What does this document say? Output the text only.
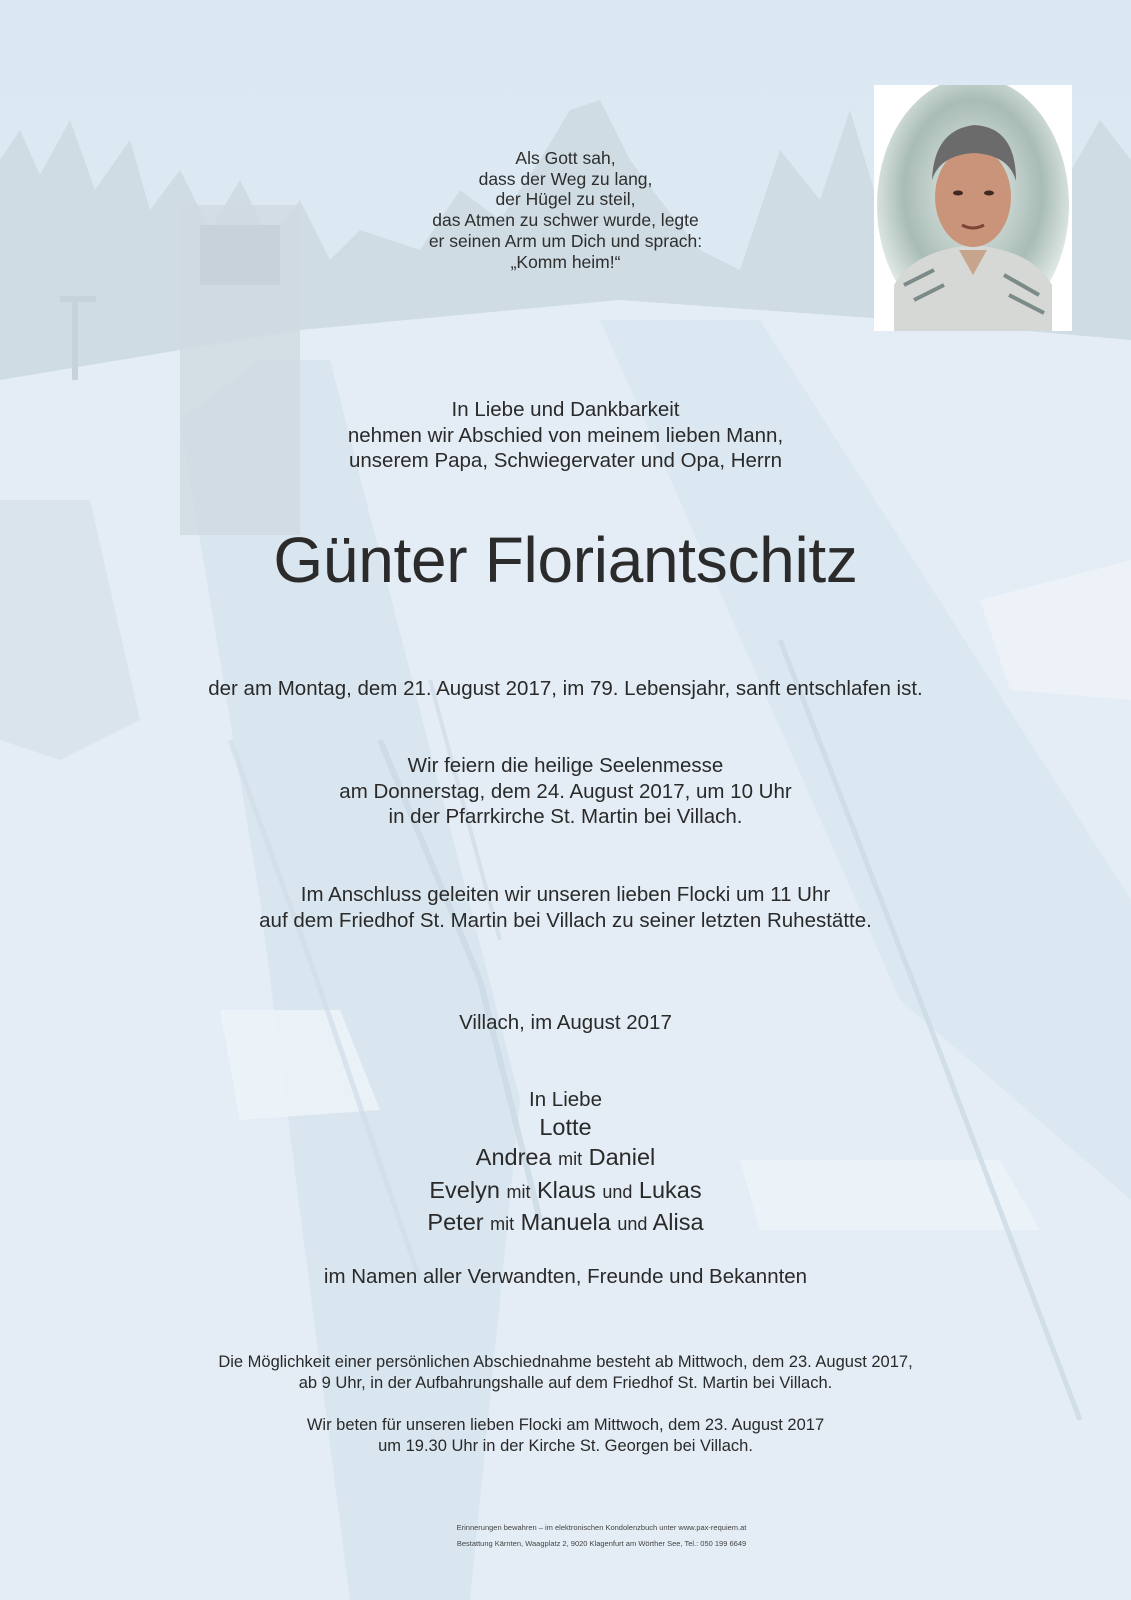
Als Gott sah,
dass der Weg zu lang,
der Hügel zu steil,
das Atmen zu schwer wurde, legte
er seinen Arm um Dich und sprach:
„Komm heim!“
In Liebe und Dankbarkeit
nehmen wir Abschied von meinem lieben Mann,
unserem Papa, Schwiegervater und Opa, Herrn
Günter Floriantschitz
der am Montag, dem 21. August 2017, im 79. Lebensjahr, sanft entschlafen ist.
Wir feiern die heilige Seelenmesse
am Donnerstag, dem 24. August 2017, um 10 Uhr
in der Pfarrkirche St. Martin bei Villach.
Im Anschluss geleiten wir unseren lieben Flocki um 11 Uhr
auf dem Friedhof St. Martin bei Villach zu seiner letzten Ruhestätte.
Villach, im August 2017
In Liebe
Lotte
Andrea mit Daniel
Evelyn mit Klaus und Lukas
Peter mit Manuela und Alisa
im Namen aller Verwandten, Freunde und Bekannten
Die Möglichkeit einer persönlichen Abschiednahme besteht ab Mittwoch, dem 23. August 2017,
ab 9 Uhr, in der Aufbahrungshalle auf dem Friedhof St. Martin bei Villach.
Wir beten für unseren lieben Flocki am Mittwoch, dem 23. August 2017
um 19.30 Uhr in der Kirche St. Georgen bei Villach.
Erinnerungen bewahren – im elektronischen Kondolenzbuch unter www.pax-requiem.at
Bestattung Kärnten, Waagplatz 2, 9020 Klagenfurt am Wörther See, Tel.: 050 199 6649
